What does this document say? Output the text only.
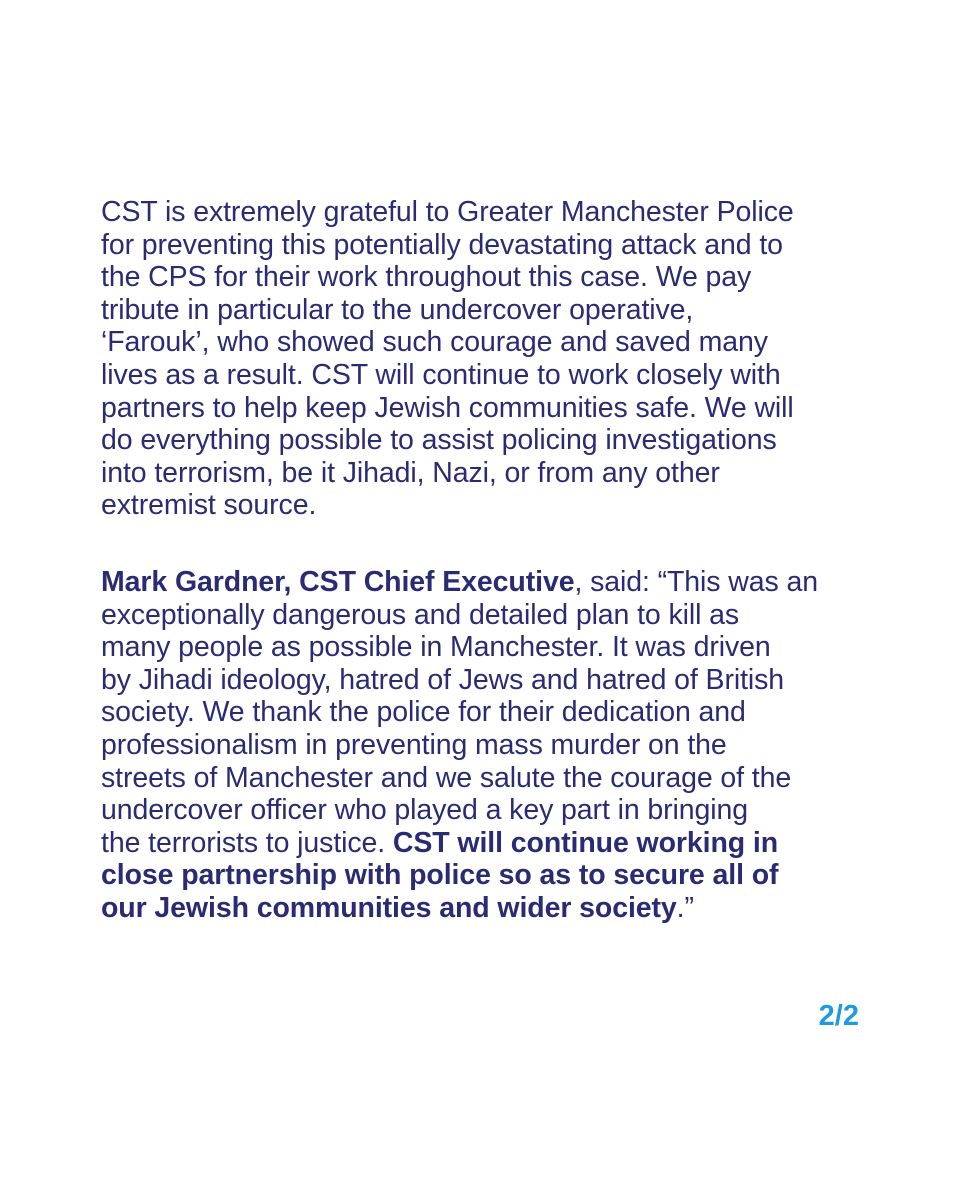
CST is extremely grateful to Greater Manchester Police
for preventing this potentially devastating attack and to
the CPS for their work throughout this case. We pay
tribute in particular to the undercover operative,
‘Farouk’, who showed such courage and saved many
lives as a result. CST will continue to work closely with
partners to help keep Jewish communities safe. We will
do everything possible to assist policing investigations
into terrorism, be it Jihadi, Nazi, or from any other
extremist source.

Mark Gardner, CST Chief Executive, said: “This was an
exceptionally dangerous and detailed plan to kill as
many people as possible in Manchester. It was driven
by Jihadi ideology, hatred of Jews and hatred of British
society. We thank the police for their dedication and
professionalism in preventing mass murder on the
streets of Manchester and we salute the courage of the
undercover officer who played a key part in bringing
the terrorists to justice. CST will continue working in
close partnership with police so as to secure all of
our Jewish communities and wider society.”

2/2
